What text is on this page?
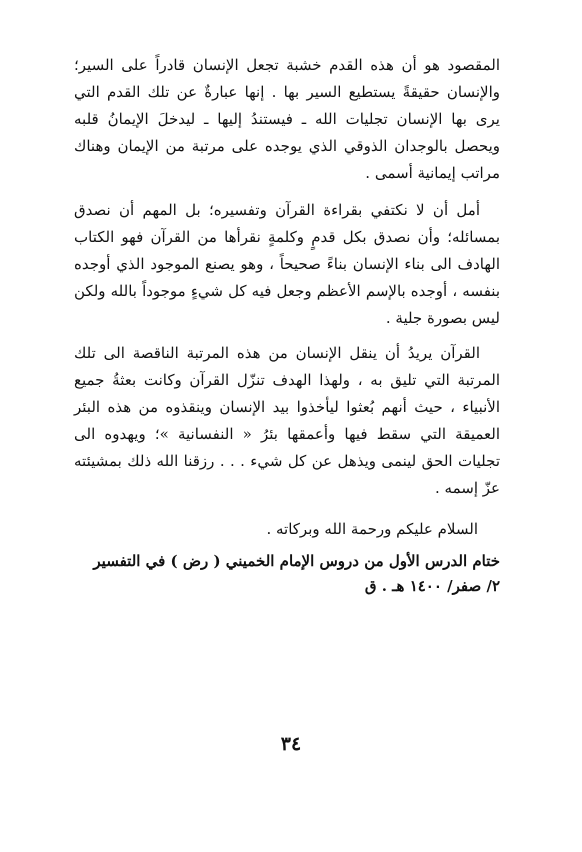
المقصود هو أن هذه القدم خشبة تجعل الإنسان قادراً على السير؛ والإنسان حقيقةً يستطيع السير بها . إنها عبارةٌ عن تلك القدم التي يرى بها الإنسان تجليات الله ـ فيستندُ إليها ـ ليدخلَ الإيمانُ قلبه ويحصل بالوجدان الذوقي الذي يوجده على مرتبة من الإيمان وهناك مراتب إيمانية أسمى .

أمل أن لا نكتفي بقراءة القرآن وتفسيره؛ بل المهم أن نصدق بمسائله؛ وأن نصدق بكل قدمٍ وكلمةٍ نقرأها من القرآن فهو الكتاب الهادف الى بناء الإنسان بناءً صحيحاً ، وهو يصنع الموجود الذي أوجده بنفسه ، أوجده بالإسم الأعظم وجعل فيه كل شيءٍ موجوداً بالله ولكن ليس بصورة جلية .

القرآن يريدُ أن ينقل الإنسان من هذه المرتبة الناقصة الى تلك المرتبة التي تليق به ، ولهذا الهدف تنزّل القرآن وكانت بعثةُ جميع الأنبياء ، حيث أنهم بُعثوا ليأخذوا بيد الإنسان وينقذوه من هذه البئر العميقة التي سقط فيها وأعمقها بئرُ « النفسانية »؛ ويهدوه الى تجليات الحق لينمى ويذهل عن كل شيء . . . رزقنا الله ذلك بمشيئته عزّ إسمه .

السلام عليكم ورحمة الله وبركاته .

ختام الدرس الأول من دروس الإمام الخميني ( رض ) في التفسير

٢/ صفر/ ١٤٠٠ هـ . ق

٣٤
